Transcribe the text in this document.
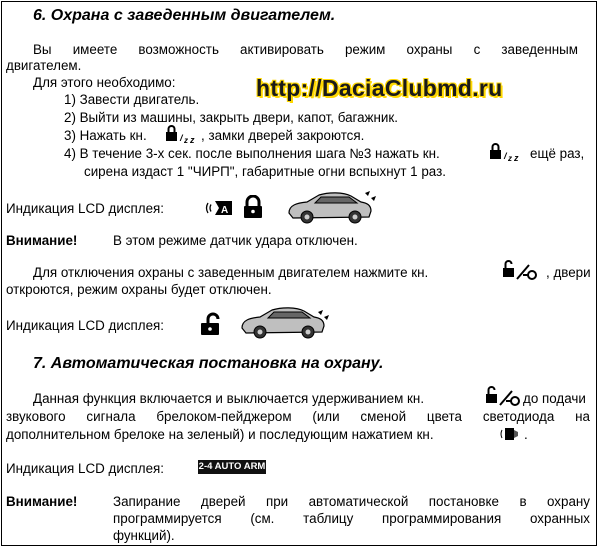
6. Охрана с заведенным двигателем.
Вы имеете возможность активировать режим охраны с заведенным
двигателем.
Для этого необходимо:	http://DaciaClubmd.ru
1) Завести двигатель.
2) Выйти из машины, закрыть двери, капот, багажник.
3) Нажать кн.	/ z z , замки дверей закроются.
4) В течение 3-х сек. после выполнения шага №3 нажать кн.	/ z z ещё раз,
сирена издаст 1 "ЧИРП", габаритные огни вспыхнут 1 раз.
Индикация LCD дисплея:	A
Внимание!	В этом режиме датчик удара отключен.
Для отключения охраны с заведенным двигателем нажмите кн.	, двери
откроются, режим охраны будет отключен.
Индикация LCD дисплея:
7. Автоматическая постановка на охрану.
Данная функция включается и выключается удерживанием кн.	до подачи
звукового сигнала брелоком-пейджером (или сменой цвета светодиода на
дополнительном брелоке на зеленый) и последующим нажатием кн.	.
Индикация LCD дисплея:	2-4 AUTO ARM
Внимание!	Запирание дверей при автоматической постановке в охрану
программируется (см. таблицу программирования охранных
функций).
